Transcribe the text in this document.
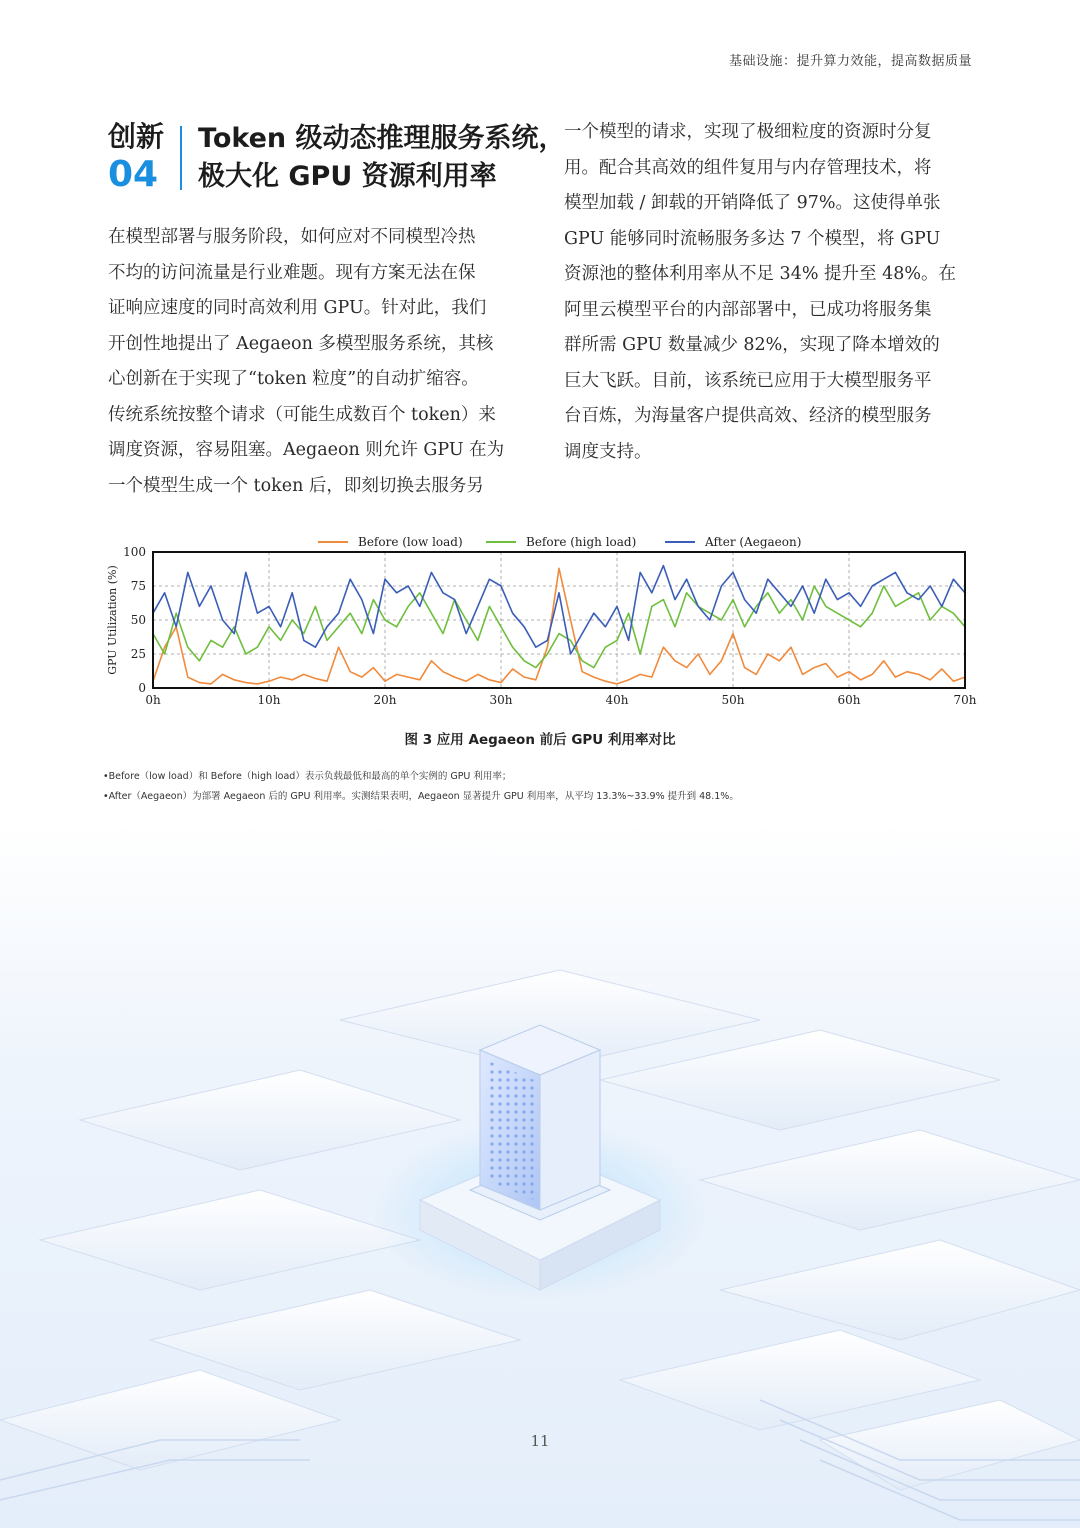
基础设施：提升算力效能，提高数据质量
创新
04
Token 级动态推理服务系统，
极大化 GPU 资源利用率
在模型部署与服务阶段，如何应对不同模型冷热
不均的访问流量是行业难题。现有方案无法在保
证响应速度的同时高效利用 GPU。针对此，我们
开创性地提出了 Aegaeon 多模型服务系统，其核
心创新在于实现了“token 粒度”的自动扩缩容。
传统系统按整个请求（可能生成数百个 token）来
调度资源，容易阻塞。Aegaeon 则允许 GPU 在为
一个模型生成一个 token 后，即刻切换去服务另
一个模型的请求，实现了极细粒度的资源时分复
用。配合其高效的组件复用与内存管理技术，将
模型加载 / 卸载的开销降低了 97%。这使得单张
GPU 能够同时流畅服务多达 7 个模型，将 GPU
资源池的整体利用率从不足 34% 提升至 48%。在
阿里云模型平台的内部部署中，已成功将服务集
群所需 GPU 数量减少 82%，实现了降本增效的
巨大飞跃。目前，该系统已应用于大模型服务平
台百炼，为海量客户提供高效、经济的模型服务
调度支持。
0h	10h	20h	30h	40h	50h	60h	70h
0
25
50
75
100
GPU Utilization (%)
Before (low load)	Before (high load)	After (Aegaeon)
图 3 应用 Aegaeon 前后 GPU 利用率对比
•Before（low load）和 Before（high load）表示负载最低和最高的单个实例的 GPU 利用率；
•After（Aegaeon）为部署 Aegaeon 后的 GPU 利用率。实测结果表明，Aegaeon 显著提升 GPU 利用率，从平均 13.3%~33.9% 提升到 48.1%。
11
